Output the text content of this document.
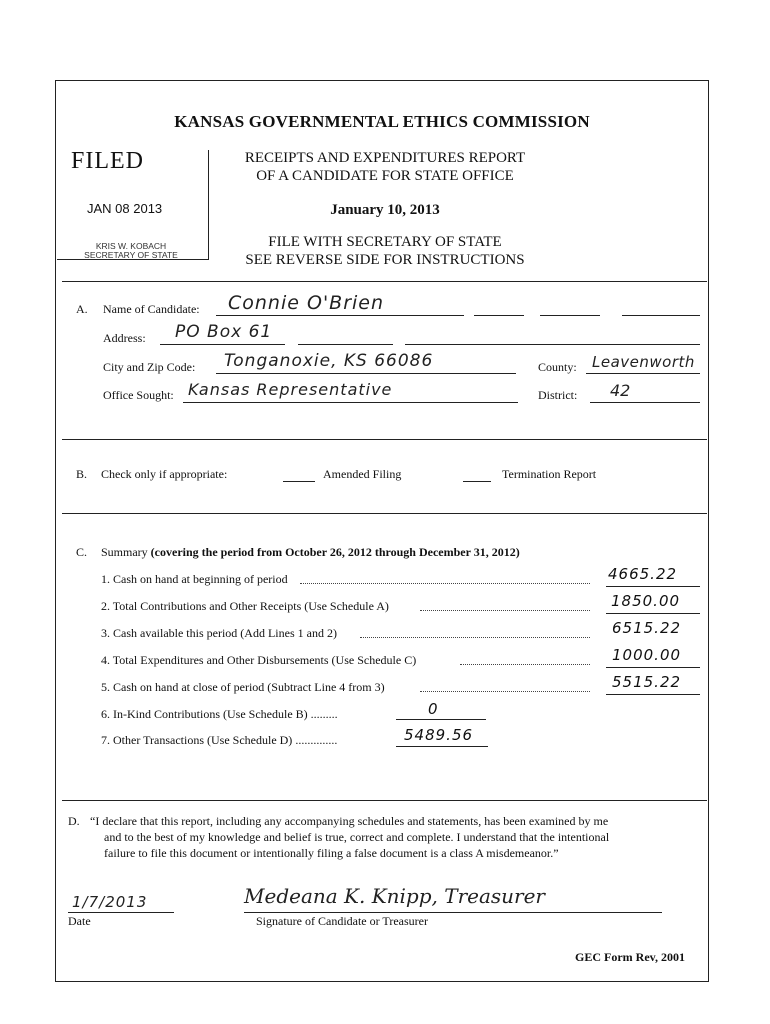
KANSAS GOVERNMENTAL ETHICS COMMISSION
FILED
JAN 08 2013
KRIS W. KOBACH
SECRETARY OF STATE
RECEIPTS AND EXPENDITURES REPORT
OF A CANDIDATE FOR STATE OFFICE
January 10, 2013
FILE WITH SECRETARY OF STATE
SEE REVERSE SIDE FOR INSTRUCTIONS
A. Name of Candidate: Connie O'Brien
Address: PO Box 61
City and Zip Code: Tonganoxie, KS 66086	County: Leavenworth
Office Sought: Kansas Representative	District: 42
B. Check only if appropriate:	Amended Filing	Termination Report
C. Summary (covering the period from October 26, 2012 through December 31, 2012)
1. Cash on hand at beginning of period	4665.22
2. Total Contributions and Other Receipts (Use Schedule A)	1850.00
3. Cash available this period (Add Lines 1 and 2)	6515.22
4. Total Expenditures and Other Disbursements (Use Schedule C)	1000.00
5. Cash on hand at close of period (Subtract Line 4 from 3)	5515.22
6. In-Kind Contributions (Use Schedule B) .........	0
7. Other Transactions (Use Schedule D) ..............	5489.56
D. “I declare that this report, including any accompanying schedules and statements, has been examined by me
and to the best of my knowledge and belief is true, correct and complete. I understand that the intentional
failure to file this document or intentionally filing a false document is a class A misdemeanor.”
1/7/2013
Date
Medeana K. Knipp, Treasurer
Signature of Candidate or Treasurer
GEC Form Rev, 2001
